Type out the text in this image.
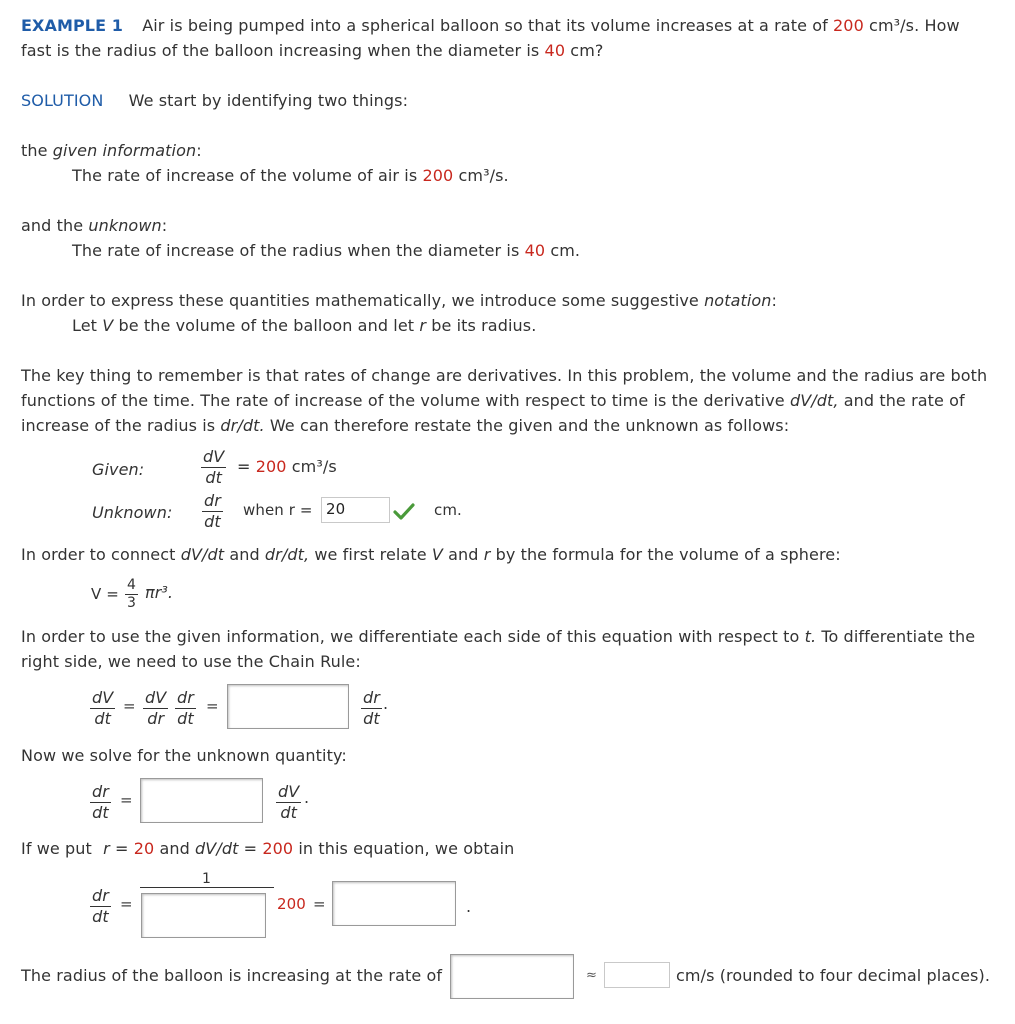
EXAMPLE 1 Air is being pumped into a spherical balloon so that its volume increases at a rate of 200 cm³/s. How
fast is the radius of the balloon increasing when the diameter is 40 cm?
SOLUTION We start by identifying two things:
the given information:
The rate of increase of the volume of air is 200 cm³/s.
and the unknown:
The rate of increase of the radius when the diameter is 40 cm.
In order to express these quantities mathematically, we introduce some suggestive notation:
Let V be the volume of the balloon and let r be its radius.
The key thing to remember is that rates of change are derivatives. In this problem, the volume and the radius are both
functions of the time. The rate of increase of the volume with respect to time is the derivative dV/dt, and the rate of
increase of the radius is dr/dt. We can therefore restate the given and the unknown as follows:
Given:	$\frac{dV}{dt} = 200$ cm³/s
Unknown: $\frac{dr}{dt}$ when r = 20	cm.
In order to connect dV/dt and dr/dt, we first relate V and r by the formula for the volume of a sphere:
$V = \frac{4}{3} \pi r^3$.
In order to use the given information, we differentiate each side of this equation with respect to t. To differentiate the
right side, we need to use the Chain Rule:
$\frac{dV}{dt} = \frac{dV}{dr} \frac{dr}{dt}$ =	$\frac{dr}{dt}$ .
Now we solve for the unknown quantity:
$\frac{dr}{dt}$ =	$\frac{dV}{dt}$ .
If we put r = 20 and dV/dt = 200 in this equation, we obtain
$\frac{dr}{dt}$ =
1
200 =	.
The radius of the balloon is increasing at the rate of	≈	cm/s (rounded to four decimal places).
